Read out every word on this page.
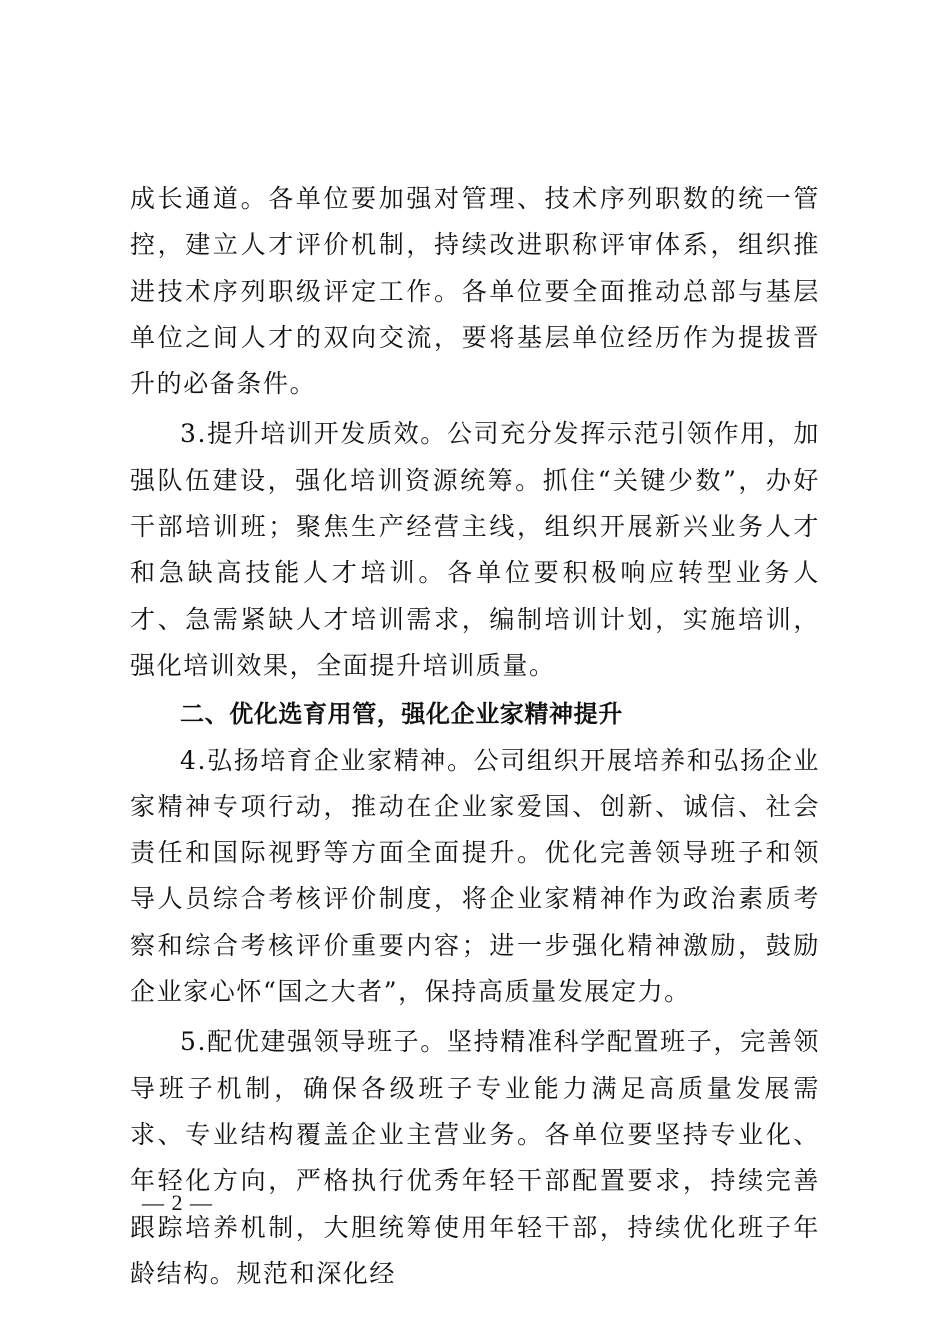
成长通道。各单位要加强对管理、技术序列职数的统一管控，建立人才评价机制，持续改进职称评审体系，组织推进技术序列职级评定工作。各单位要全面推动总部与基层单位之间人才的双向交流，要将基层单位经历作为提拔晋升的必备条件。

3.提升培训开发质效。公司充分发挥示范引领作用，加强队伍建设，强化培训资源统筹。抓住“关键少数”，办好干部培训班；聚焦生产经营主线，组织开展新兴业务人才和急缺高技能人才培训。各单位要积极响应转型业务人才、急需紧缺人才培训需求，编制培训计划，实施培训，强化培训效果，全面提升培训质量。

二、优化选育用管，强化企业家精神提升

4.弘扬培育企业家精神。公司组织开展培养和弘扬企业家精神专项行动，推动在企业家爱国、创新、诚信、社会责任和国际视野等方面全面提升。优化完善领导班子和领导人员综合考核评价制度，将企业家精神作为政治素质考察和综合考核评价重要内容；进一步强化精神激励，鼓励企业家心怀“国之大者”，保持高质量发展定力。

5.配优建强领导班子。坚持精准科学配置班子，完善领导班子机制，确保各级班子专业能力满足高质量发展需求、专业结构覆盖企业主营业务。各单位要坚持专业化、年轻化方向，严格执行优秀年轻干部配置要求，持续完善跟踪培养机制，大胆统筹使用年轻干部，持续优化班子年龄结构。规范和深化经

— 2 —
